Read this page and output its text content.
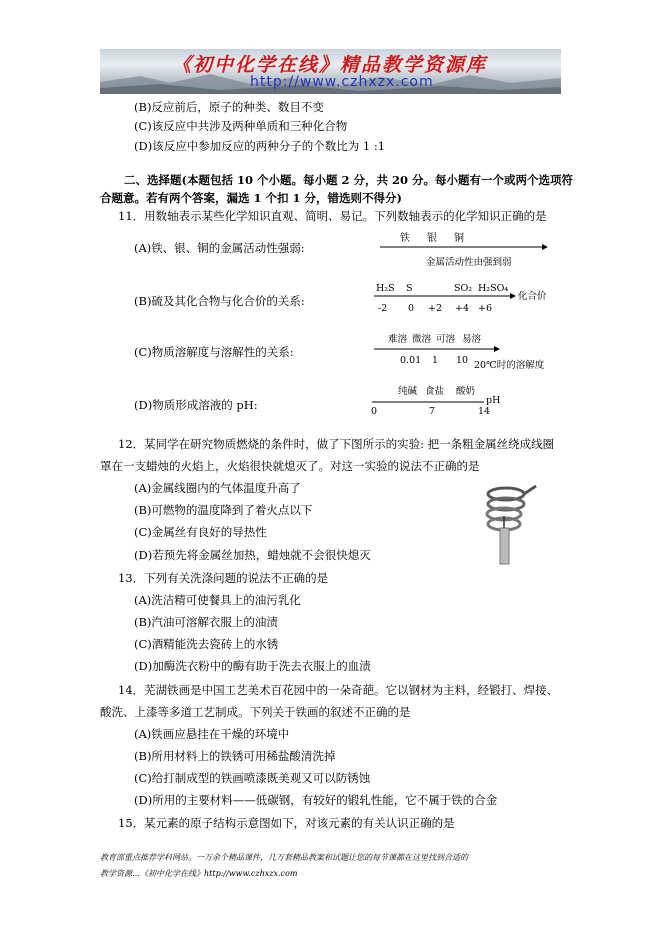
《初中化学在线》精品教学资源库
http://www.czhxzx.com
(B)反应前后，原子的种类、数目不变
(C)该反应中共涉及两种单质和三种化合物
(D)该反应中参加反应的两种分子的个数比为 1 :1
二、选择题(本题包括 10 个小题。每小题 2 分，共 20 分。每小题有一个或两个选项符
合题意。若有两个答案，漏选 1 个扣 1 分，错选则不得分)
11．用数轴表示某些化学知识直观、简明、易记。下列数轴表示的化学知识正确的是
(A)铁、银、铜的金属活动性强弱:
铁 银 铜
金属活动性由强到弱
(B)硫及其化合物与化合价的关系:
H₂S S	SO₂ H₂SO₄
化合价
-2 0 +2 +4 +6
(C)物质溶解度与溶解性的关系:
难溶 微溶 可溶 易溶
0.01 1 10 20℃时的溶解度
(D)物质形成溶液的 pH:
纯碱 食盐 酸奶
pH
0	7	14
12．某同学在研究物质燃烧的条件时，做了下图所示的实验: 把一条粗金属丝绕成线圈
罩在一支蜡烛的火焰上，火焰很快就熄灭了。对这一实验的说法不正确的是
(A)金属线圈内的气体温度升高了
(B)可燃物的温度降到了着火点以下
(C)金属丝有良好的导热性
(D)若预先将金属丝加热，蜡烛就不会很快熄灭
13．下列有关洗涤问题的说法不正确的是
(A)洗洁精可使餐具上的油污乳化
(B)汽油可溶解衣服上的油渍
(C)酒精能洗去瓷砖上的水锈
(D)加酶洗衣粉中的酶有助于洗去衣服上的血渍
14．芜湖铁画是中国工艺美术百花园中的一朵奇葩。它以钢材为主料，经锻打、焊接、
酸洗、上漆等多道工艺制成。下列关于铁画的叙述不正确的是
(A)铁画应悬挂在干燥的环境中
(B)所用材料上的铁锈可用稀盐酸清洗掉
(C)给打制成型的铁画喷漆既美观又可以防锈蚀
(D)所用的主要材料——低碳钢，有较好的锻轧性能，它不属于铁的合金
15．某元素的原子结构示意图如下，对该元素的有关认识正确的是
教育部重点推荐学科网站。一万余个精品课件，几万套精品教案和试题让您的每节课都在这里找到合适的
教学资源…《初中化学在线》http://www.czhxzx.com
